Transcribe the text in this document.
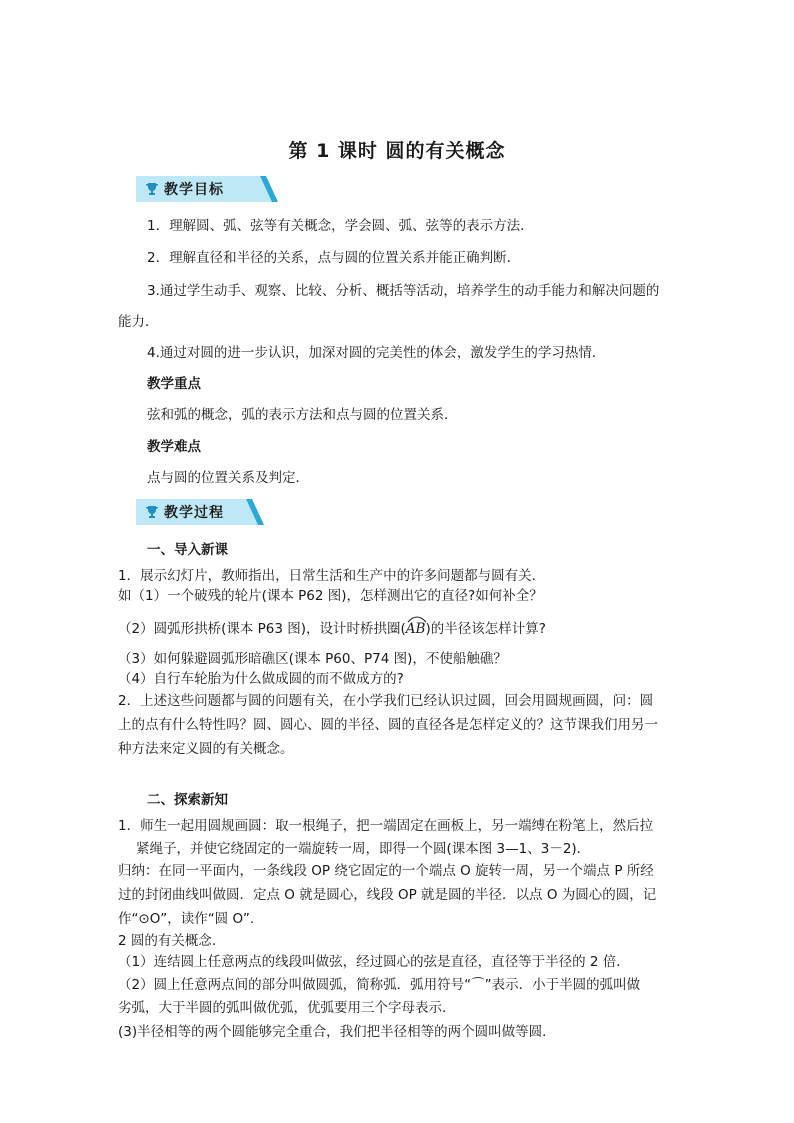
第 1 课时 圆的有关概念
教学目标
1．理解圆、弧、弦等有关概念，学会圆、弧、弦等的表示方法．
2．理解直径和半径的关系，点与圆的位置关系并能正确判断．
3.通过学生动手、观察、比较、分析、概括等活动，培养学生的动手能力和解决问题的
能力．
4.通过对圆的进一步认识，加深对圆的完美性的体会，激发学生的学习热情．
教学重点
弦和弧的概念，弧的表示方法和点与圆的位置关系．
教学难点
点与圆的位置关系及判定．
教学过程
一、导入新课
1．展示幻灯片，教师指出，日常生活和生产中的许多问题都与圆有关．
如（1）一个破残的轮片(课本 P62 图)，怎样测出它的直径?如何补全？
（2）圆弧形拱桥(课本 P63 图)，设计时桥拱圈(
AB)的半径该怎样计算?
（3）如何躲避圆弧形暗礁区(课本 P60、P74 图)，不使船触礁？
（4）自行车轮胎为什么做成圆的而不做成方的?
2．上述这些问题都与圆的问题有关，在小学我们已经认识过圆，回会用圆规画圆，问：圆
上的点有什么特性吗？圆、圆心、圆的半径、圆的直径各是怎样定义的？这节课我们用另一
种方法来定义圆的有关概念。
二、探索新知
1．师生一起用圆规画圆：取一根绳子，把一端固定在画板上，另一端缚在粉笔上，然后拉
紧绳子，并使它绕固定的一端旋转一周，即得一个圆(课本图 3—1、3－2)．
归纳：在同一平面内，一条线段 OP 绕它固定的一个端点 O 旋转一周，另一个端点 P 所经
过的封闭曲线叫做圆．定点 O 就是圆心，线段 OP 就是圆的半径．以点 O 为圆心的圆，记
作“⊙O”，读作“圆 O”.
2 圆的有关概念.
（1）连结圆上任意两点的线段叫做弦，经过圆心的弦是直径，直径等于半径的 2 倍．
（2）圆上任意两点间的部分叫做圆弧，简称弧．弧用符号“⌒”表示．小于半圆的弧叫做
劣弧，大于半圆的弧叫做优弧，优弧要用三个字母表示．
(3)半径相等的两个圆能够完全重合，我们把半径相等的两个圆叫做等圆．
